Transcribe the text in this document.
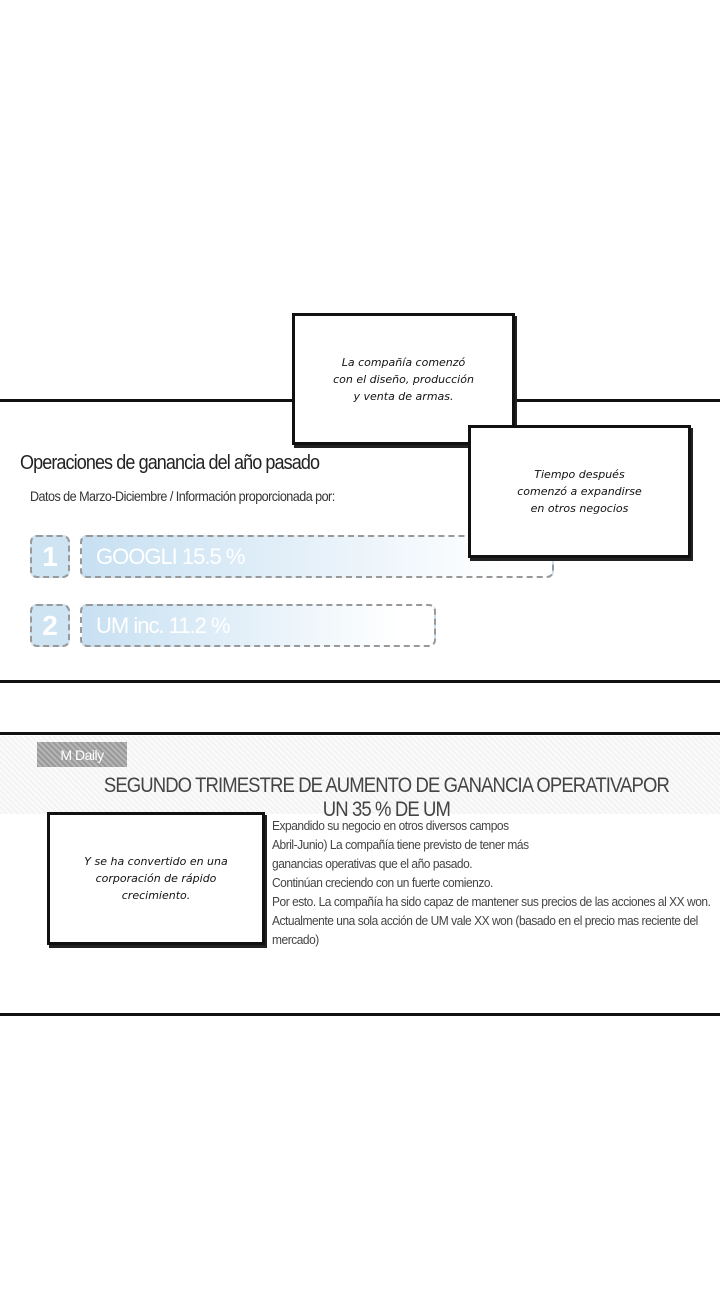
Operaciones de ganancia del año pasado
Datos de Marzo-Diciembre / Información proporcionada por:
1	GOOGLI 15.5 %
2	UM inc. 11.2 %
La compañía comenzó
con el diseño, producción
y venta de armas.
Tiempo después
comenzó a expandirse
en otros negocios
M Daily
SEGUNDO TRIMESTRE DE AUMENTO DE GANANCIA OPERATIVAPOR UN 35 % DE UM
Y se ha convertido en una
corporación de rápido
crecimiento.
Expandido su negocio en otros diversos campos
Abril-Junio) La compañía tiene previsto de tener más
ganancias operativas que el año pasado.
Continúan creciendo con un fuerte comienzo.
Por esto. La compañía ha sido capaz de mantener sus precios de las acciones al XX won.
Actualmente una sola acción de UM vale XX won (basado en el precio mas reciente del
mercado)
